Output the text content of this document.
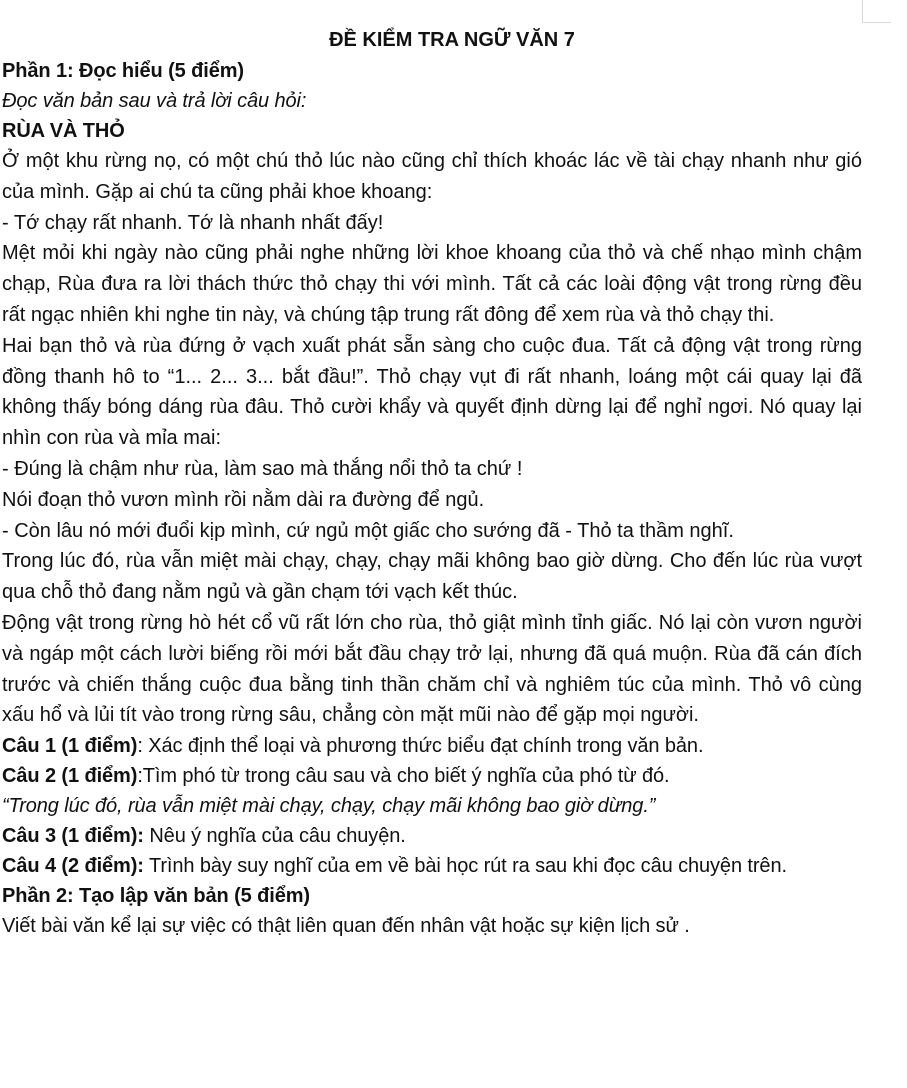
ĐỀ KIỂM TRA NGỮ VĂN 7

Phần 1: Đọc hiểu (5 điểm)

Đọc văn bản sau và trả lời câu hỏi:

RÙA VÀ THỎ

Ở một khu rừng nọ, có một chú thỏ lúc nào cũng chỉ thích khoác lác về tài chạy nhanh như gió của mình. Gặp ai chú ta cũng phải khoe khoang:

- Tớ chạy rất nhanh. Tớ là nhanh nhất đấy!

Mệt mỏi khi ngày nào cũng phải nghe những lời khoe khoang của thỏ và chế nhạo mình chậm chạp, Rùa đưa ra lời thách thức thỏ chạy thi với mình. Tất cả các loài động vật trong rừng đều rất ngạc nhiên khi nghe tin này, và chúng tập trung rất đông để xem rùa và thỏ chạy thi.

Hai bạn thỏ và rùa đứng ở vạch xuất phát sẵn sàng cho cuộc đua. Tất cả động vật trong rừng đồng thanh hô to “1... 2... 3... bắt đầu!”. Thỏ chạy vụt đi rất nhanh, loáng một cái quay lại đã không thấy bóng dáng rùa đâu. Thỏ cười khẩy và quyết định dừng lại để nghỉ ngơi. Nó quay lại nhìn con rùa và mỉa mai:

- Đúng là chậm như rùa, làm sao mà thắng nổi thỏ ta chứ !

Nói đoạn thỏ vươn mình rồi nằm dài ra đường để ngủ.

- Còn lâu nó mới đuổi kịp mình, cứ ngủ một giấc cho sướng đã - Thỏ ta thầm nghĩ.

Trong lúc đó, rùa vẫn miệt mài chạy, chạy, chạy mãi không bao giờ dừng. Cho đến lúc rùa vượt qua chỗ thỏ đang nằm ngủ và gần chạm tới vạch kết thúc.

Động vật trong rừng hò hét cổ vũ rất lớn cho rùa, thỏ giật mình tỉnh giấc. Nó lại còn vươn người và ngáp một cách lười biếng rồi mới bắt đầu chạy trở lại, nhưng đã quá muộn. Rùa đã cán đích trước và chiến thắng cuộc đua bằng tinh thần chăm chỉ và nghiêm túc của mình. Thỏ vô cùng xấu hổ và lủi tít vào trong rừng sâu, chẳng còn mặt mũi nào để gặp mọi người.

Câu 1 (1 điểm): Xác định thể loại và phương thức biểu đạt chính trong văn bản.

Câu 2 (1 điểm):Tìm phó từ trong câu sau và cho biết ý nghĩa của phó từ đó.

“Trong lúc đó, rùa vẫn miệt mài chạy, chạy, chạy mãi không bao giờ dừng.”

Câu 3 (1 điểm): Nêu ý nghĩa của câu chuyện.

Câu 4 (2 điểm): Trình bày suy nghĩ của em về bài học rút ra sau khi đọc câu chuyện trên.

Phần 2: Tạo lập văn bản (5 điểm)

Viết bài văn kể lại sự việc có thật liên quan đến nhân vật hoặc sự kiện lịch sử .
